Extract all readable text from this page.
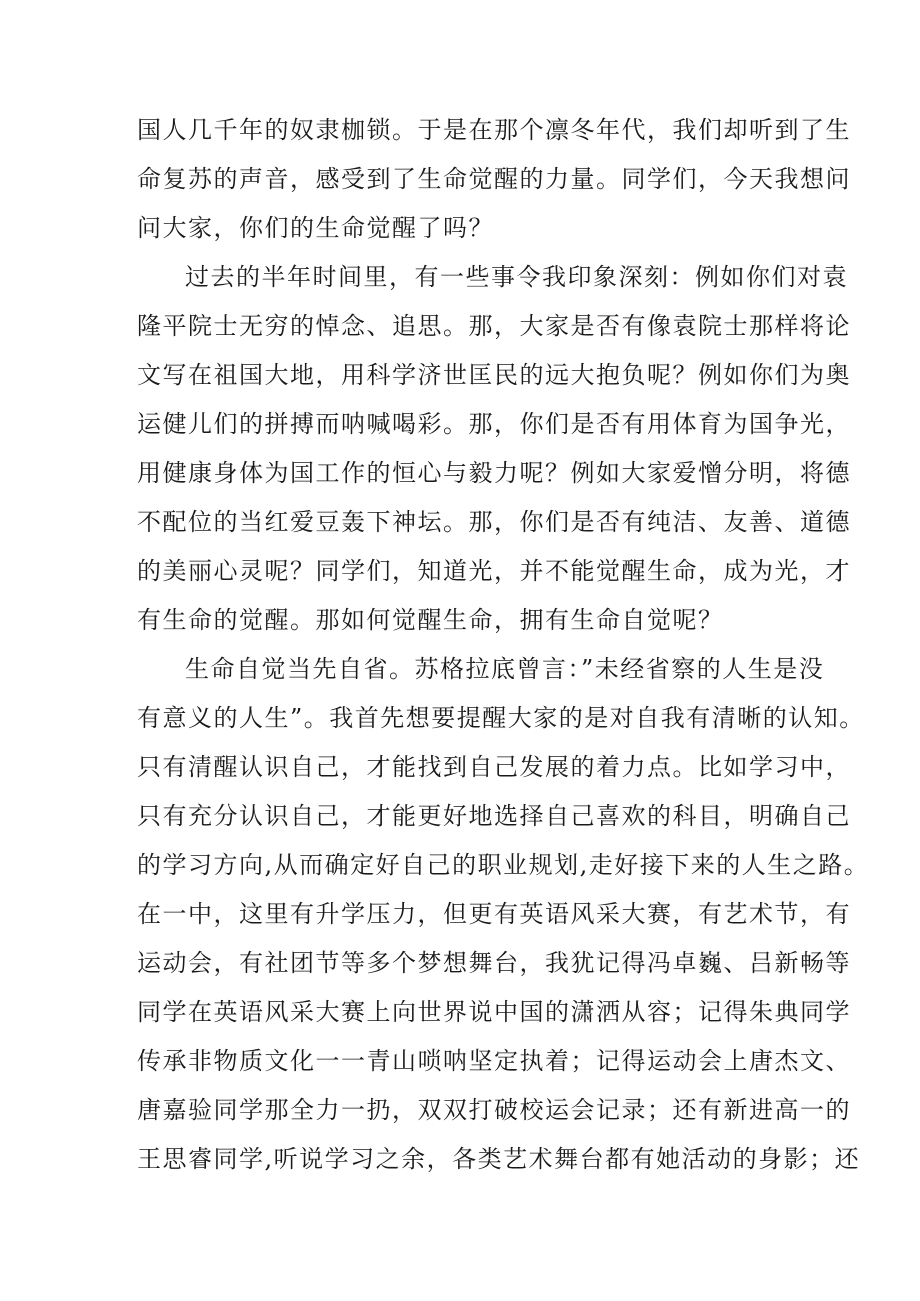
国人几千年的奴隶枷锁。于是在那个凛冬年代，我们却听到了生
命复苏的声音，感受到了生命觉醒的力量。同学们，今天我想问
问大家，你们的生命觉醒了吗？
过去的半年时间里，有一些事令我印象深刻：例如你们对袁
隆平院士无穷的悼念、追思。那，大家是否有像袁院士那样将论
文写在祖国大地，用科学济世匡民的远大抱负呢？例如你们为奥
运健儿们的拼搏而呐喊喝彩。那，你们是否有用体育为国争光，
用健康身体为国工作的恒心与毅力呢？例如大家爱憎分明，将德
不配位的当红爱豆轰下神坛。那，你们是否有纯洁、友善、道德
的美丽心灵呢？同学们，知道光，并不能觉醒生命，成为光，才
有生命的觉醒。那如何觉醒生命，拥有生命自觉呢？
生命自觉当先自省。苏格拉底曾言：”未经省察的人生是没
有意义的人生”。我首先想要提醒大家的是对自我有清晰的认知。
只有清醒认识自己，才能找到自己发展的着力点。比如学习中，
只有充分认识自己，才能更好地选择自己喜欢的科目，明确自己
的学习方向,从而确定好自己的职业规划,走好接下来的人生之路。
在一中，这里有升学压力，但更有英语风采大赛，有艺术节，有
运动会，有社团节等多个梦想舞台，我犹记得冯卓巍、吕新畅等
同学在英语风采大赛上向世界说中国的潇洒从容；记得朱典同学
传承非物质文化一一青山唢呐坚定执着；记得运动会上唐杰文、
唐嘉验同学那全力一扔，双双打破校运会记录；还有新进高一的
王思睿同学,听说学习之余，各类艺术舞台都有她活动的身影；还
